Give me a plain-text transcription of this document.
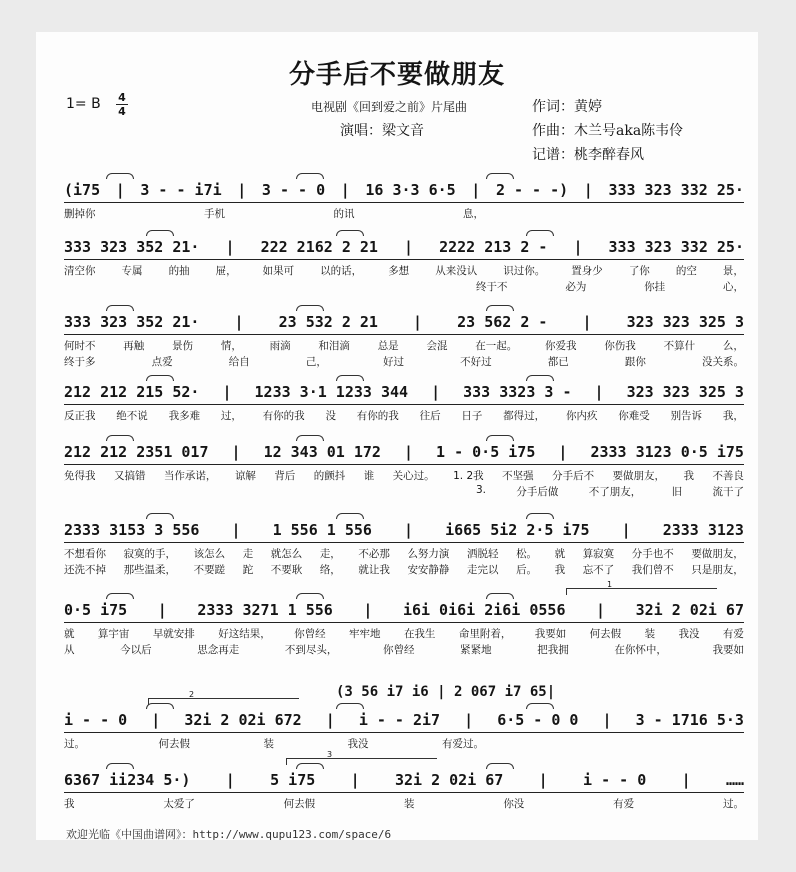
分手后不要做朋友
1= B 4
4	电视剧《回到爱之前》片尾曲
演唱：梁文音
作词：黄婷
作曲：木兰号aka陈韦伶
记谱：桃李醉春风
(i75 | 3 - - i7i | 3 - - 0 | 16 3·3 6·5 | 2 - - -) | 333 323 332 25·
删掉你	手机	的讯	息，
333 323 352 21· | 222 2162 2 21 | 2222 213 2 - | 333 323 332 25·
清空你 专属 的抽 屉， 如果可 以的话， 多想 从来没认 识过你。 置身少 了你 的空 景，
终于不	必为	你挂	心，
333 323 352 21· | 23 532 2 21 | 23 562 2 - | 323 323 325 3
何时不	再触	景伤	情，	雨滴	和泪滴	总是	会混	在一起。	你爱我	你伤我	不算什	么，
终于多	点爱	给自	己，	好过	不好过	都已	跟你	没关系。
212 212 215 52· | 1233 3·1 1233 344 | 333 3323 3 - | 323 323 325 3
反正我 绝不说 我多难 过， 有你的我 没 有你的我 往后 日子 都得过， 你内疚 你难受 别告诉 我，
212 212 2351 017 | 12 343 01 172 | 1 - 0·5 i75 | 2333 3123 0·5 i75
免得我 又搞错 当作承诺， 谅解 背后 的颤抖 谁 关心过。 1. 2我 不坚强 分手后不 要做朋友， 我 不善良
3.	分手后做	不了朋友，	旧	流干了
2333 3153 3 556 | 1 556 1 556 | i665 5i2 2·5 i75 | 2333 3123
不想看你 寂寞的手， 该怎么 走 就怎么 走， 不必那 么努力演 洒脱轻 松。 就 算寂寞 分手也不 要做朋友，
还洗不掉 那些温柔， 不要蹉 跎 不要耿 络， 就让我 安安静静 走完以 后。 我 忘不了 我们曾不 只是朋友，
1
0·5 i75 | 2333 3271 1 556 | i6i 0i6i 2i6i 0556 | 32i 2 02i 67
就 算宇宙 早就安排 好这结果， 你曾经 牢牢地 在我生 命里附着， 我要如 何去假 装 我没 有爱
从	今以后	思念再走	不到尽头，	你曾经	紧紧地	把我拥	在你怀中，	我要如
(3 56 i7 i6 | 2 067 i7 65|
2
i - - 0 | 32i 2 02i 672 | i - - 2i7 | 6·5 - 0 0 | 3 - 1716 5·3
过。	何去假	装	我没	有爱过。
3
6367 ii234 5·) | 5 i75 | 32i 2 02i 67 | i - - 0 | ……
我	太爱了	何去假	装	你没	有爱	过。
欢迎光临《中国曲谱网》：http://www.qupu123.com/space/6
